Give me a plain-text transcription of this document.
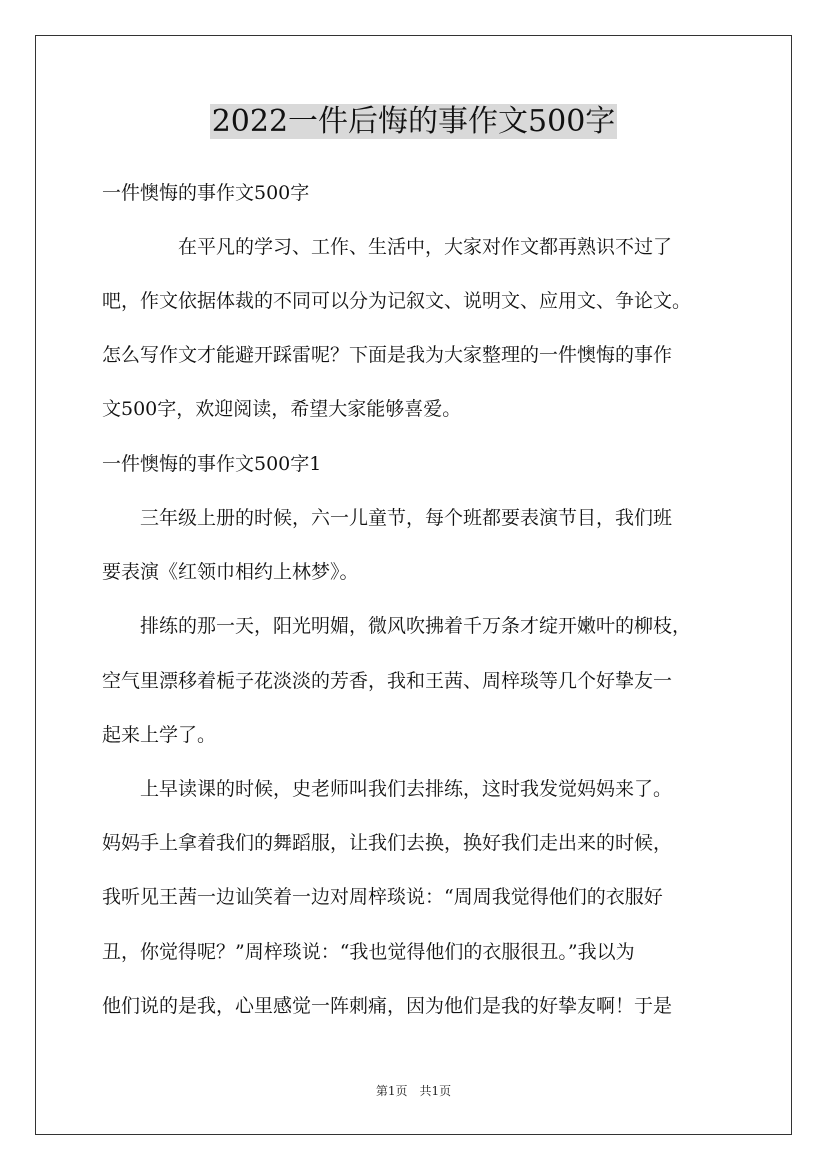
2022一件后悔的事作文500字
一件懊悔的事作文500字
　　　　在平凡的学习、工作、生活中，大家对作文都再熟识不过了
吧，作文依据体裁的不同可以分为记叙文、说明文、应用文、争论文。
怎么写作文才能避开踩雷呢？下面是我为大家整理的一件懊悔的事作
文500字，欢迎阅读，希望大家能够喜爱。
一件懊悔的事作文500字1
　　三年级上册的时候，六一儿童节，每个班都要表演节目，我们班
要表演《红领巾相约上林梦》。
　　排练的那一天，阳光明媚，微风吹拂着千万条才绽开嫩叶的柳枝，
空气里漂移着栀子花淡淡的芳香，我和王茜、周梓琰等几个好挚友一
起来上学了。
　　上早读课的时候，史老师叫我们去排练，这时我发觉妈妈来了。
妈妈手上拿着我们的舞蹈服，让我们去换，换好我们走出来的时候，
我听见王茜一边讪笑着一边对周梓琰说：“周周我觉得他们的衣服好
丑，你觉得呢？”周梓琰说：“我也觉得他们的衣服很丑。”我以为
他们说的是我，心里感觉一阵刺痛，因为他们是我的好挚友啊！于是
第1页　共1页
